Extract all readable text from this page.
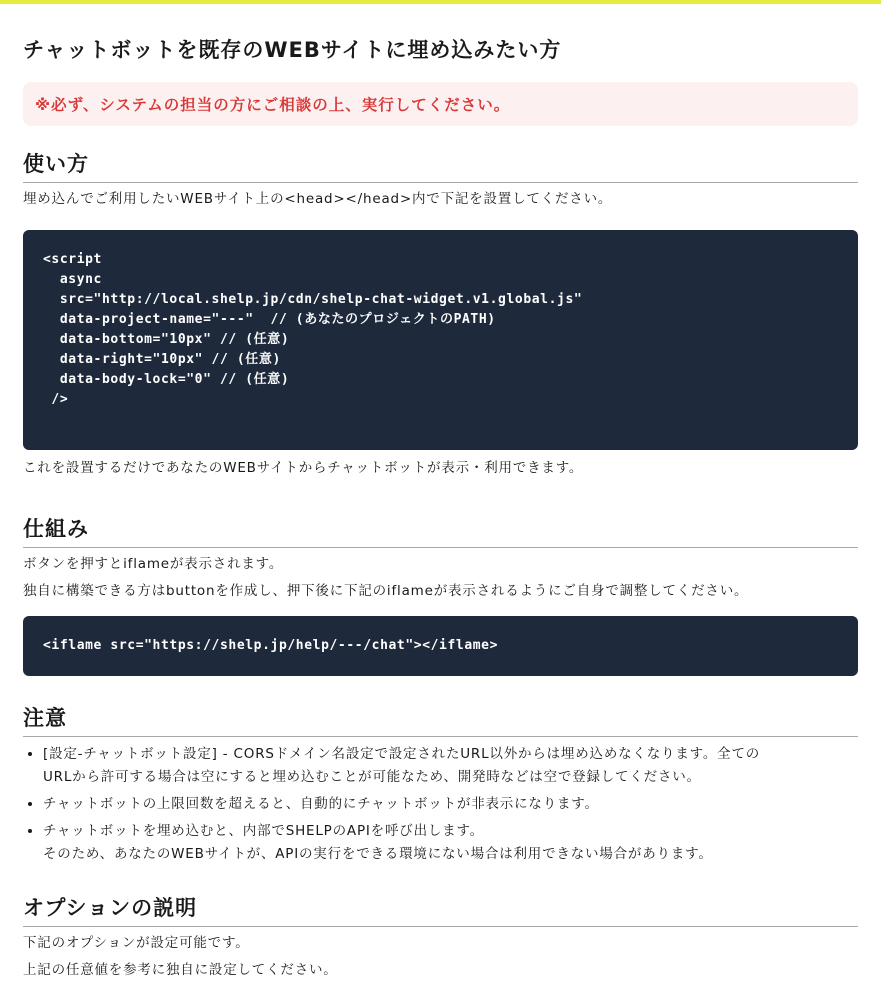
チャットボットを既存のWEBサイトに埋め込みたい方
※必ず、システムの担当の方にご相談の上、実行してください。
使い方

埋め込んでご利用したいWEBサイト上の<head></head>内で下記を設置してください。

<script
async
src="http://local.shelp.jp/cdn/shelp-chat-widget.v1.global.js"
data-project-name="---"  // (あなたのプロジェクトのPATH)
data-bottom="10px" // (任意)
data-right="10px" // (任意)
data-body-lock="0" // (任意)
/>

これを設置するだけであなたのWEBサイトからチャットボットが表示・利用できます。

仕組み

ボタンを押すとiflameが表示されます。

独自に構築できる方はbuttonを作成し、押下後に下記のiflameが表示されるようにご自身で調整してください。

<iflame src="https://shelp.jp/help/---/chat"></iflame>
注意
• [設定-チャットボット設定] - CORSドメイン名設定で設定されたURL以外からは埋め込めなくなります。全ての
URLから許可する場合は空にすると埋め込むことが可能なため、開発時などは空で登録してください。
• チャットボットの上限回数を超えると、自動的にチャットボットが非表示になります。
• チャットボットを埋め込むと、内部でSHELPのAPIを呼び出します。
そのため、あなたのWEBサイトが、APIの実行をできる環境にない場合は利用できない場合があります。
オプションの説明

下記のオプションが設定可能です。

上記の任意値を参考に独自に設定してください。
